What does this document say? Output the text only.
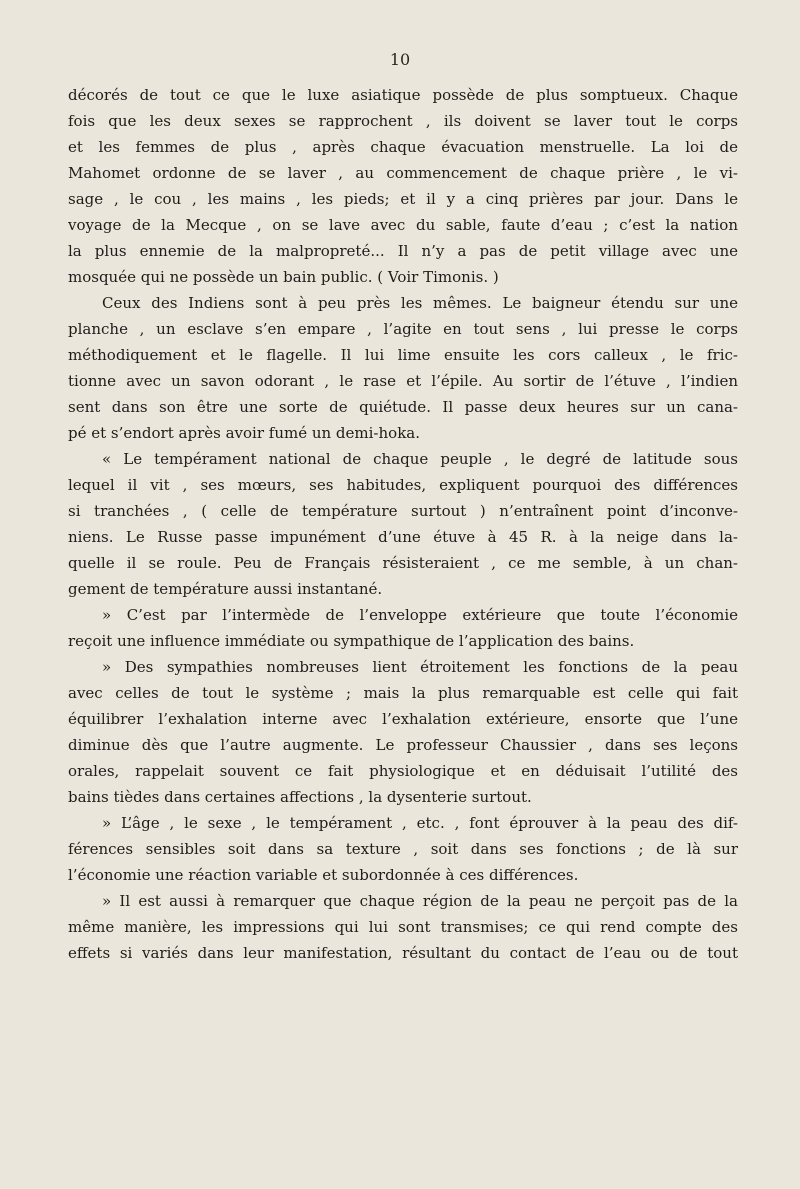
10
décorés de tout ce que le luxe asiatique possède de plus somptueux. Chaque
fois que les deux sexes se rapprochent , ils doivent se laver tout le corps
et les femmes de plus , après chaque évacuation menstruelle. La loi de
Mahomet ordonne de se laver , au commencement de chaque prière , le vi-
sage , le cou , les mains , les pieds; et il y a cinq prières par jour. Dans le
voyage de la Mecque , on se lave avec du sable, faute d’eau ; c’est la nation
la plus ennemie de la malpropreté... Il n’y a pas de petit village avec une
mosquée qui ne possède un bain public. ( Voir Timonis. )
Ceux des Indiens sont à peu près les mêmes. Le baigneur étendu sur une
planche , un esclave s’en empare , l’agite en tout sens , lui presse le corps
méthodiquement et le flagelle. Il lui lime ensuite les cors calleux , le fric-
tionne avec un savon odorant , le rase et l’épile. Au sortir de l’étuve , l’indien
sent dans son être une sorte de quiétude. Il passe deux heures sur un cana-
pé et s’endort après avoir fumé un demi-hoka.
« Le tempérament national de chaque peuple , le degré de latitude sous
lequel il vit , ses mœurs, ses habitudes, expliquent pourquoi des différences
si tranchées , ( celle de température surtout ) n’entraînent point d’inconve-
niens. Le Russe passe impunément d’une étuve à 45 R. à la neige dans la-
quelle il se roule. Peu de Français résisteraient , ce me semble, à un chan-
gement de température aussi instantané.
» C’est par l’intermède de l’enveloppe extérieure que toute l’économie
reçoit une influence immédiate ou sympathique de l’application des bains.
» Des sympathies nombreuses lient étroitement les fonctions de la peau
avec celles de tout le système ; mais la plus remarquable est celle qui fait
équilibrer l’exhalation interne avec l’exhalation extérieure, ensorte que l’une
diminue dès que l’autre augmente. Le professeur Chaussier , dans ses leçons
orales, rappelait souvent ce fait physiologique et en déduisait l’utilité des
bains tièdes dans certaines affections , la dysenterie surtout.
» L’âge , le sexe , le tempérament , etc. , font éprouver à la peau des dif-
férences sensibles soit dans sa texture , soit dans ses fonctions ; de là sur
l’économie une réaction variable et subordonnée à ces différences.
» Il est aussi à remarquer que chaque région de la peau ne perçoit pas de la
même manière, les impressions qui lui sont transmises; ce qui rend compte des
effets si variés dans leur manifestation, résultant du contact de l’eau ou de tout
